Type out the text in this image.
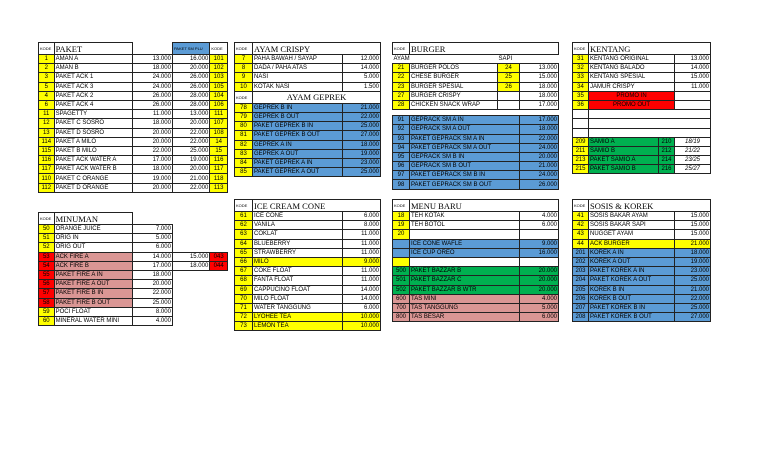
KODE	PAKET		PAKET SM PLU	KODE
1	AMAN A	13.000	16.000	101
2	AMAN B	18.000	20.000	102
3	PAKET ACK 1	24.000	26.000	103
5	PAKET ACK 3	24.000	26.000	105
4	PAKET ACK 2	26.000	28.000	104
6	PAKET ACK 4	26.000	28.000	106
11	SPAGETTY	11.000	13.000	111
12	PAKET C SOSRO	18.000	20.000	107
13	PAKET D SOSRO	20.000	22.000	108
114	PAKET A MILO	20.000	22.000	14
115	PAKET B MILO	22.000	25.000	15
116	PAKET ACK WATER A	17.000	19.000	116
117	PAKET ACK WATER B	18.000	20.000	117
110	PAKET C ORANGE	19.000	21.000	118
112	PAKET D ORANGE	20.000	22.000	113
KODE	MINUMAN			
50	ORANGE JUICE	7.000		
51	ORIG IN	5.000		
52	ORIG OUT	6.000		
53	ACK FIRE A	14.000	15.000	043
54	ACK FIRE B	17.000	18.000	044
55	PAKET FIRE A IN	18.000		
56	PAKET FIRE A OUT	20.000		
57	PAKET FIRE B IN	22.000		
58	PAKET FIRE B OUT	25.000		
59	POCI FLOAT	8.000		
60	MINERAL WATER MINI	4.000		
KODE	AYAM CRISPY	
7	PAHA BAWAH / SAYAP	12.000
8	DADA / PAHA ATAS	14.000
9	NASI	5.000
10	KOTAK NASI	1.500
KODE	AYAM GEPREK	
78	GEPREK B IN	21.000
79	GEPREK B OUT	22.000
80	PAKET GEPREK B IN	25.000
81	PAKET GEPREK B OUT	27.000
82	GEPREK A IN	18.000
83	GEPREK A OUT	19.000
84	PAKET GEPREK A IN	23.000
85	PAKET GEPREK A OUT	25.000
KODE	ICE CREAM CONE	
61	ICE CONE	6.000
62	VANILA	8.000
63	COKLAT	11.000
64	BLUEBERRY	11.000
65	STRAWBERRY	11.000
66	MILO	9.000
67	COKE FLOAT	11.000
68	FANTA FLOAT	11.000
69	CAPPUCINO FLOAT	14.000
70	MILO FLOAT	14.000
71	WATER TANGGUNG	6.000
72	LYOHEE TEA	10.000
73	LEMON TEA	10.000
KODE	BURGER		
AYAM		SAPI	
21	BURGER POLOS	24	13.000
22	CHESE BURGER	25	15.000
23	BURGER SPESIAL	26	18.000
27	BURGER CRISPY		18.000
28	CHICKEN SNACK WRAP		17.000

91	GEPRACK SM A IN		17.000
92	GEPRACK SM A OUT		18.000
93	PAKET GEPRACK SM A IN		22.000
94	PAKET GEPRACK SM A OUT		24.000
95	GEPRACK SM B IN		20.000
96	GEPRACK SM B OUT		21.000
97	PAKET GEPRACK SM B IN		24.000
98	PAKET GEPRACK SM B OUT		26.000
KODE	MENU BARU	
18	TEH KOTAK	4.000
19	TEH BOTOL	6.000
20		
	ICE CONE WAFLE	9.000
	ICE CUP OREO	16.000

500	PAKET BAZZAR B	20.000
501	PAKET BAZZAR C	20.000
502	PAKET BAZZAR B WTR	20.000
600	TAS MINI	4.000
700	TAS TANGGUNG	5.000
800	TAS BESAR	6.000
KODE	KENTANG		
31	KENTANG ORIGINAL		13.000
32	KENTANG BALADO		14.000
33	KENTANG SPESIAL		15.000
34	JAMUR CRISPY		11.000
35	PROMO IN		
36	PROMO OUT		

209	SAMIO A	210	18/19
211	SAMIO B	212	21/22
213	PAKET SAMIO A	214	23/25
215	PAKET SAMIO B	216	25/27
KODE	SOSIS & KOREK	
41	SOSIS BAKAR AYAM	15.000
42	SOSIS BAKAR SAPI	15.000
43	NUGGET AYAM	15.000
44	ACK BURGER	21.000
201	KOREK A IN	18.000
202	KOREK A OUT	19.000
203	PAKET KOREK A IN	23.000
204	PAKET KOREK A OUT	25.000
205	KOREK B IN	21.000
206	KOREK B OUT	22.000
207	PAKET KOREK B IN	25.000
208	PAKET KOREK B OUT	27.000
